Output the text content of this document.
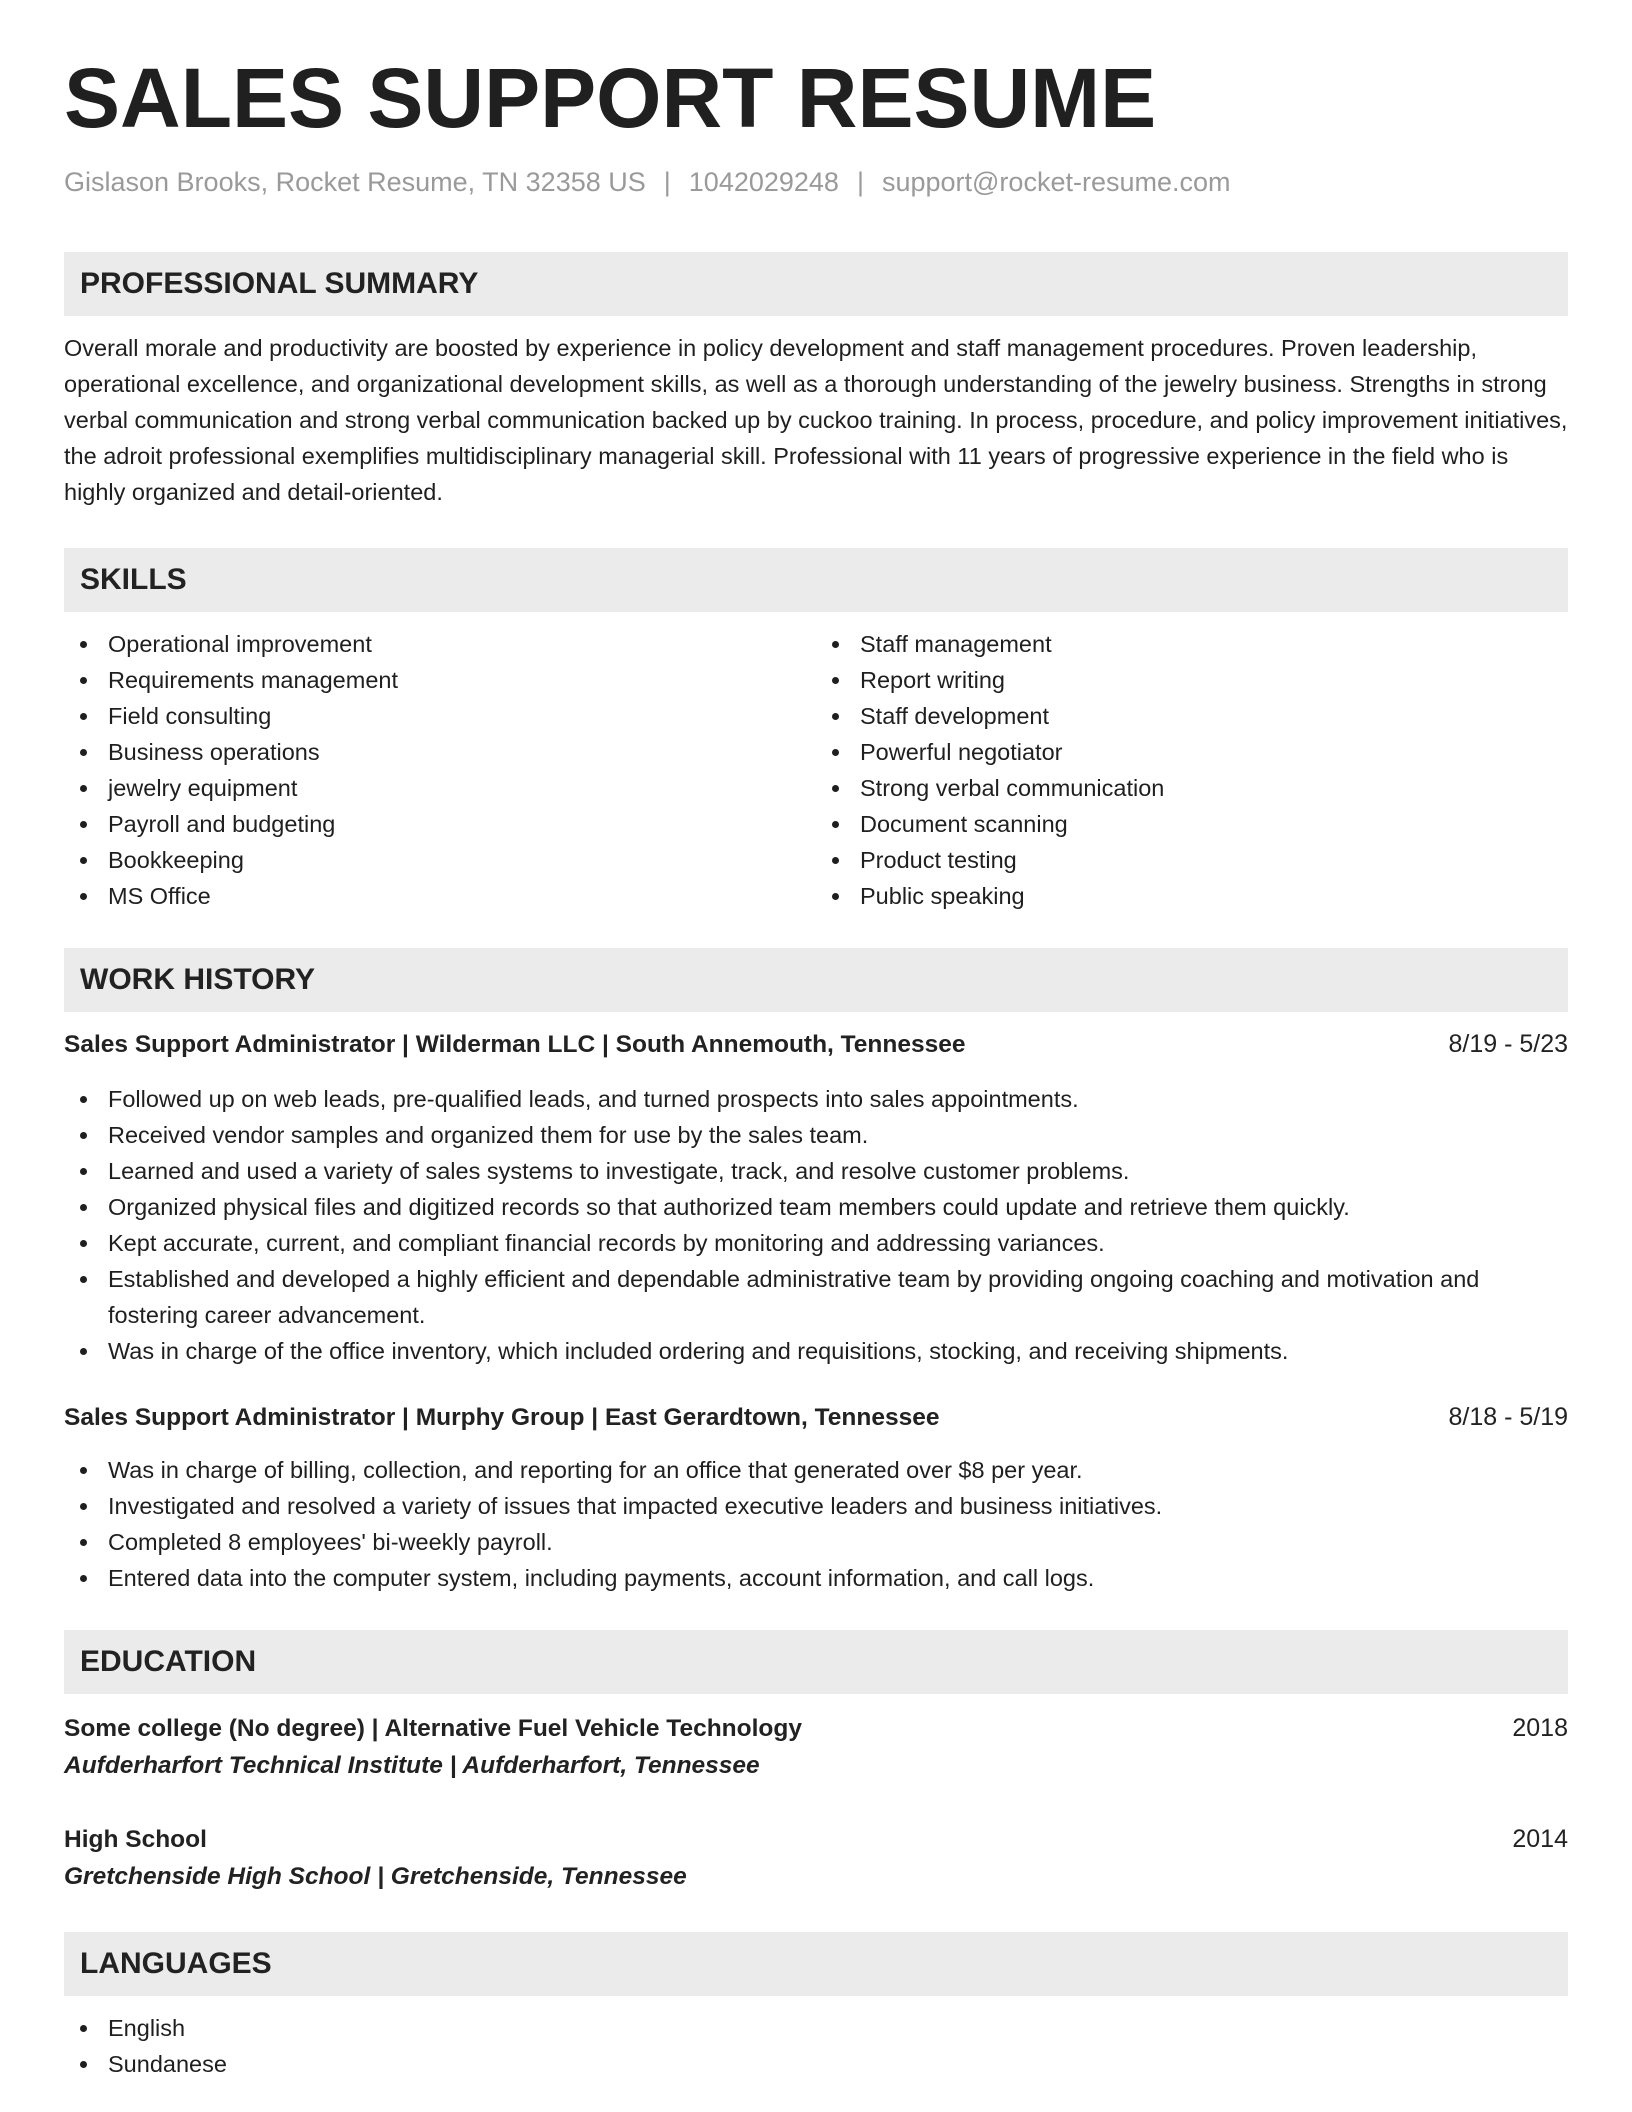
SALES SUPPORT RESUME
Gislason Brooks, Rocket Resume, TN 32358 US | 1042029248 | support@rocket-resume.com
PROFESSIONAL SUMMARY

Overall morale and productivity are boosted by experience in policy development and staff management procedures. Proven leadership, operational excellence, and organizational development skills, as well as a thorough understanding of the jewelry business. Strengths in strong verbal communication and strong verbal communication backed up by cuckoo training. In process, procedure, and policy improvement initiatives, the adroit professional exemplifies multidisciplinary managerial skill. Professional with 11 years of progressive experience in the field who is highly organized and detail-oriented.

SKILLS
Operational improvement
Requirements management
Field consulting
Business operations
jewelry equipment
Payroll and budgeting
Bookkeeping
MS Office
Staff management
Report writing
Staff development
Powerful negotiator
Strong verbal communication
Document scanning
Product testing
Public speaking
WORK HISTORY
Sales Support Administrator | Wilderman LLC | South Annemouth, Tennessee	8/19 - 5/23
Followed up on web leads, pre-qualified leads, and turned prospects into sales appointments.
Received vendor samples and organized them for use by the sales team.
Learned and used a variety of sales systems to investigate, track, and resolve customer problems.
Organized physical files and digitized records so that authorized team members could update and retrieve them quickly.
Kept accurate, current, and compliant financial records by monitoring and addressing variances.
Established and developed a highly efficient and dependable administrative team by providing ongoing coaching and motivation and fostering career advancement.
Was in charge of the office inventory, which included ordering and requisitions, stocking, and receiving shipments.
Sales Support Administrator | Murphy Group | East Gerardtown, Tennessee	8/18 - 5/19
Was in charge of billing, collection, and reporting for an office that generated over $8 per year.
Investigated and resolved a variety of issues that impacted executive leaders and business initiatives.
Completed 8 employees' bi-weekly payroll.
Entered data into the computer system, including payments, account information, and call logs.
EDUCATION
Some college (No degree) | Alternative Fuel Vehicle Technology	2018
Aufderharfort Technical Institute | Aufderharfort, Tennessee
High School	2014
Gretchenside High School | Gretchenside, Tennessee
LANGUAGES
English
Sundanese
